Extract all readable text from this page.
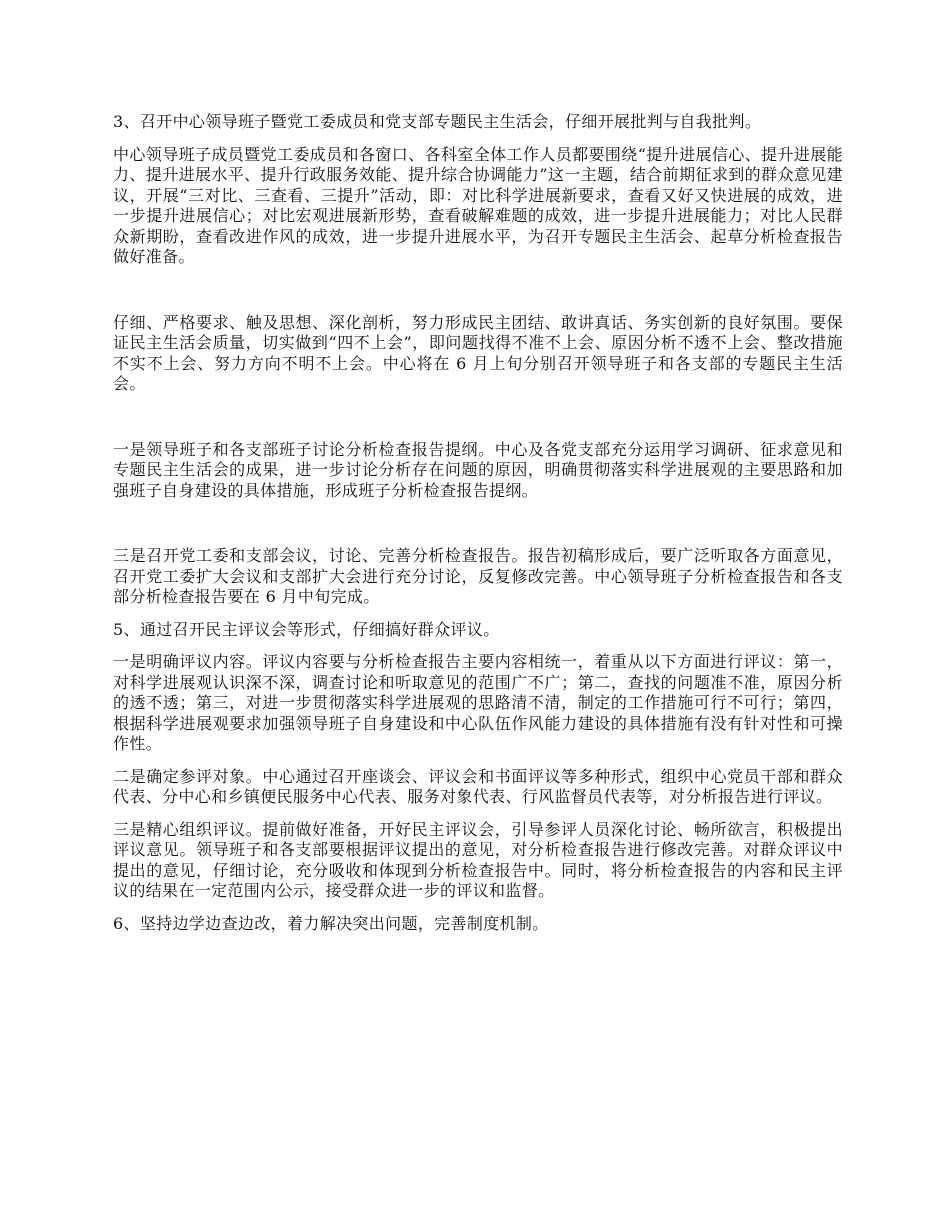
3、召开中心领导班子暨党工委成员和党支部专题民主生活会，仔细开展批判与自我批判。

中心领导班子成员暨党工委成员和各窗口、各科室全体工作人员都要围绕“提升进展信心、提升进展能力、提升进展水平、提升行政服务效能、提升综合协调能力”这一主题，结合前期征求到的群众意见建议，开展“三对比、三查看、三提升”活动，即：对比科学进展新要求，查看又好又快进展的成效，进一步提升进展信心；对比宏观进展新形势，查看破解难题的成效，进一步提升进展能力；对比人民群众新期盼，查看改进作风的成效，进一步提升进展水平，为召开专题民主生活会、起草分析检查报告做好准备。

仔细、严格要求、触及思想、深化剖析，努力形成民主团结、敢讲真话、务实创新的良好氛围。要保证民主生活会质量，切实做到“四不上会”，即问题找得不准不上会、原因分析不透不上会、整改措施不实不上会、努力方向不明不上会。中心将在 6 月上旬分别召开领导班子和各支部的专题民主生活会。

一是领导班子和各支部班子讨论分析检查报告提纲。中心及各党支部充分运用学习调研、征求意见和专题民主生活会的成果，进一步讨论分析存在问题的原因，明确贯彻落实科学进展观的主要思路和加强班子自身建设的具体措施，形成班子分析检查报告提纲。

三是召开党工委和支部会议，讨论、完善分析检查报告。报告初稿形成后，要广泛听取各方面意见，召开党工委扩大会议和支部扩大会进行充分讨论，反复修改完善。中心领导班子分析检查报告和各支部分析检查报告要在 6 月中旬完成。

5、通过召开民主评议会等形式，仔细搞好群众评议。

一是明确评议内容。评议内容要与分析检查报告主要内容相统一，着重从以下方面进行评议：第一，对科学进展观认识深不深，调查讨论和听取意见的范围广不广；第二，查找的问题准不准，原因分析的透不透；第三，对进一步贯彻落实科学进展观的思路清不清，制定的工作措施可行不可行；第四，根据科学进展观要求加强领导班子自身建设和中心队伍作风能力建设的具体措施有没有针对性和可操作性。

二是确定参评对象。中心通过召开座谈会、评议会和书面评议等多种形式，组织中心党员干部和群众代表、分中心和乡镇便民服务中心代表、服务对象代表、行风监督员代表等，对分析报告进行评议。

三是精心组织评议。提前做好准备，开好民主评议会，引导参评人员深化讨论、畅所欲言，积极提出评议意见。领导班子和各支部要根据评议提出的意见，对分析检查报告进行修改完善。对群众评议中提出的意见，仔细讨论，充分吸收和体现到分析检查报告中。同时，将分析检查报告的内容和民主评议的结果在一定范围内公示，接受群众进一步的评议和监督。

6、坚持边学边查边改，着力解决突出问题，完善制度机制。
